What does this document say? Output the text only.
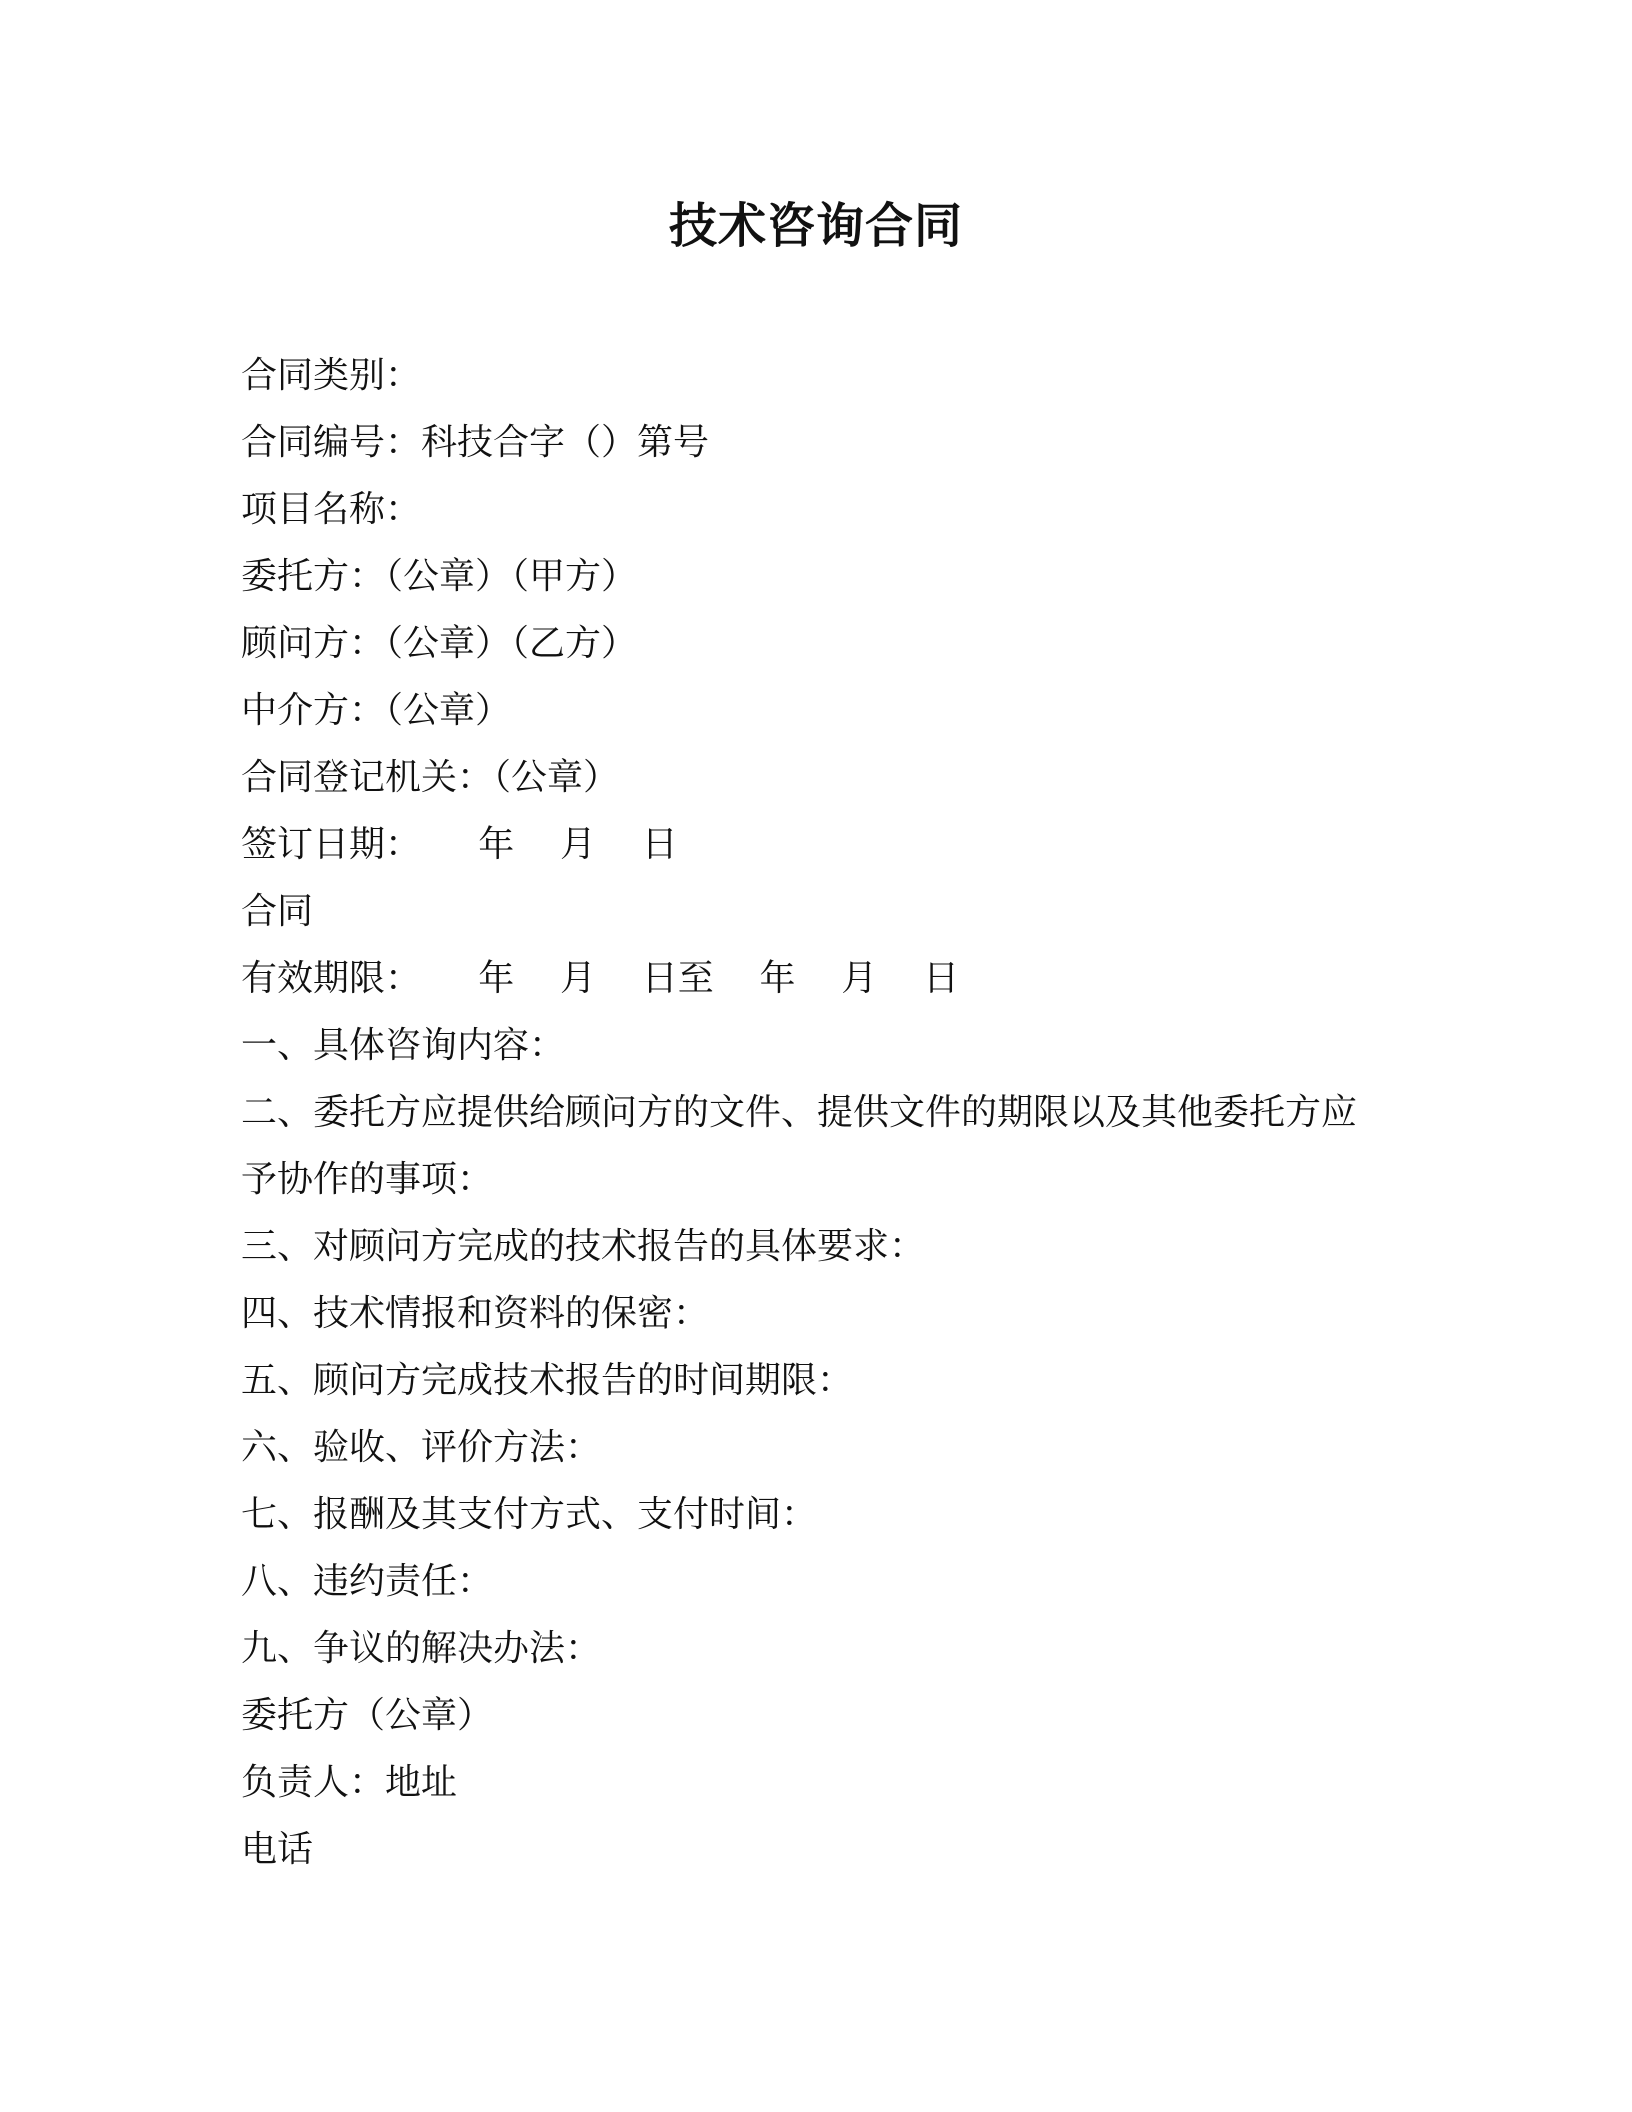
技术咨询合同
合同类别：
合同编号：科技合字（）第号
项目名称：
委托方：（公章）（甲方）
顾问方：（公章）（乙方）
中介方：（公章）
合同登记机关：（公章）
签订日期：     年    月    日
合同
有效期限：     年    月    日至    年    月    日
一、具体咨询内容：
二、委托方应提供给顾问方的文件、提供文件的期限以及其他委托方应
予协作的事项：
三、对顾问方完成的技术报告的具体要求：
四、技术情报和资料的保密：
五、顾问方完成技术报告的时间期限：
六、验收、评价方法：
七、报酬及其支付方式、支付时间：
八、违约责任：
九、争议的解决办法：
委托方（公章）
负责人：地址
电话
